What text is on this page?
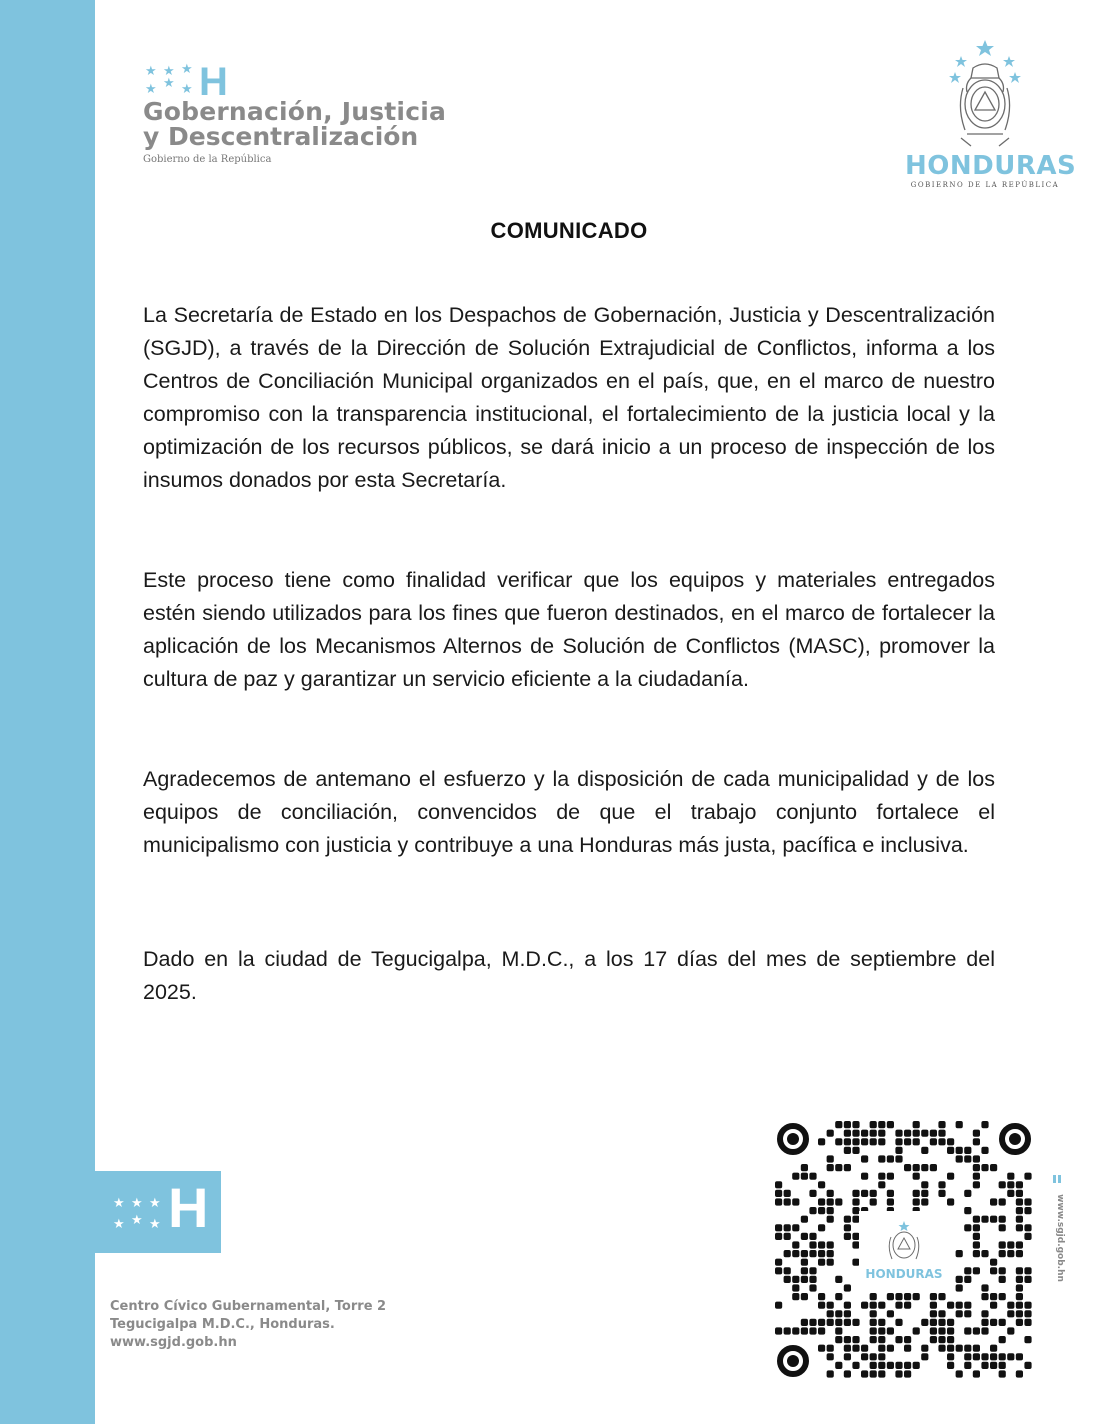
★ ★ ★
★ ★ ★ H
★ ★ ★
★ ★ ★ H
Gobernación, Justicia
y Descentralización
Gobierno de la República	HONDURAS
GOBIERNO DE LA REPÚBLICA
COMUNICADO

La Secretaría de Estado en los Despachos de Gobernación, Justicia y Descentralización (SGJD), a través de la Dirección de Solución Extrajudicial de Conflictos, informa a los Centros de Conciliación Municipal organizados en el país, que, en el marco de nuestro compromiso con la transparencia institucional, el fortalecimiento de la justicia local y la optimización de los recursos públicos, se dará inicio a un proceso de inspección de los insumos donados por esta Secretaría.

Este proceso tiene como finalidad verificar que los equipos y materiales entregados estén siendo utilizados para los fines que fueron destinados, en el marco de fortalecer la aplicación de los Mecanismos Alternos de Solución de Conflictos (MASC), promover la cultura de paz y garantizar un servicio eficiente a la ciudadanía.

Agradecemos de antemano el esfuerzo y la disposición de cada municipalidad y de los equipos de conciliación, convencidos de que el trabajo conjunto fortalece el municipalismo con justicia y contribuye a una Honduras más justa, pacífica e inclusiva.

Dado en la ciudad de Tegucigalpa, M.D.C., a los 17 días del mes de septiembre del 2025.

Centro Cívico Gubernamental, Torre 2
Tegucigalpa M.D.C., Honduras.
www.sgjd.gob.hn
HONDURAS	www.sgjd.gob.hn
